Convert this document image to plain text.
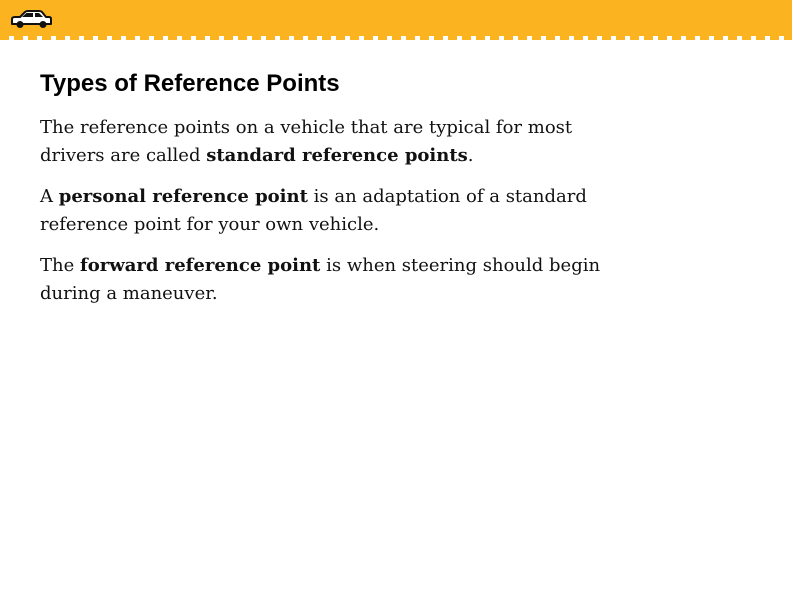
Types of Reference Points

The reference points on a vehicle that are typical for most drivers are called standard reference points.

A personal reference point is an adaptation of a standard reference point for your own vehicle.

The forward reference point is when steering should begin during a maneuver.
